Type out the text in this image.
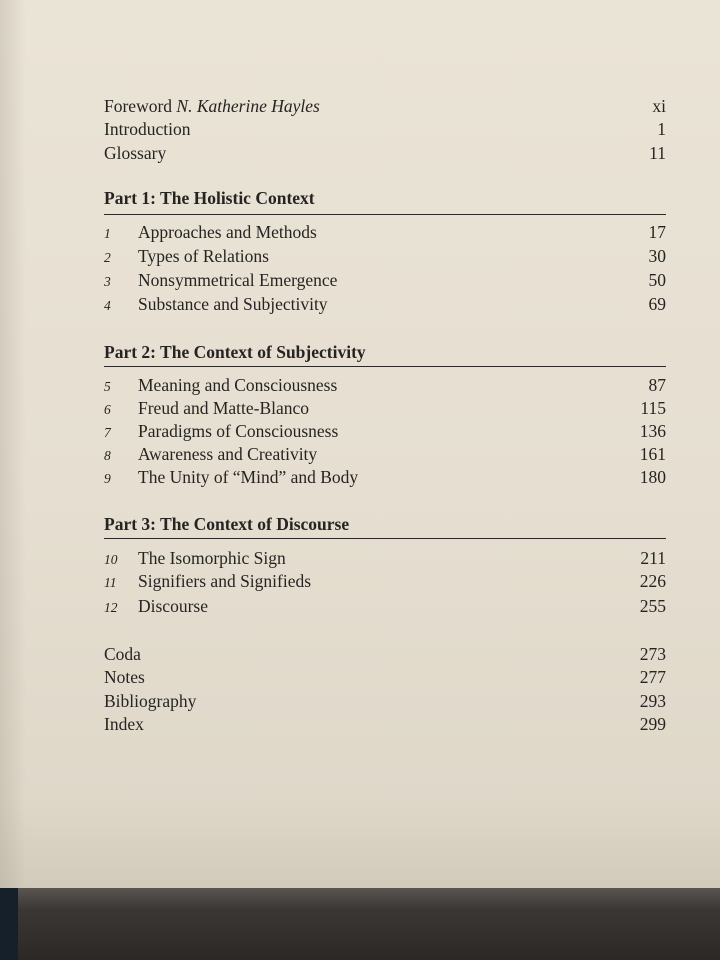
Foreword N. Katherine Hayles	xi
Introduction	1
Glossary	11
Part 1: The Holistic Context
1 Approaches and Methods	17
2 Types of Relations	30
3 Nonsymmetrical Emergence	50
4 Substance and Subjectivity	69
Part 2: The Context of Subjectivity
5 Meaning and Consciousness	87
6 Freud and Matte-Blanco	115
7 Paradigms of Consciousness	136
8 Awareness and Creativity	161
9 The Unity of “Mind” and Body	180
Part 3: The Context of Discourse
10 The Isomorphic Sign	211
11 Signifiers and Signifieds	226
12 Discourse	255
Coda	273
Notes	277
Bibliography	293
Index	299
